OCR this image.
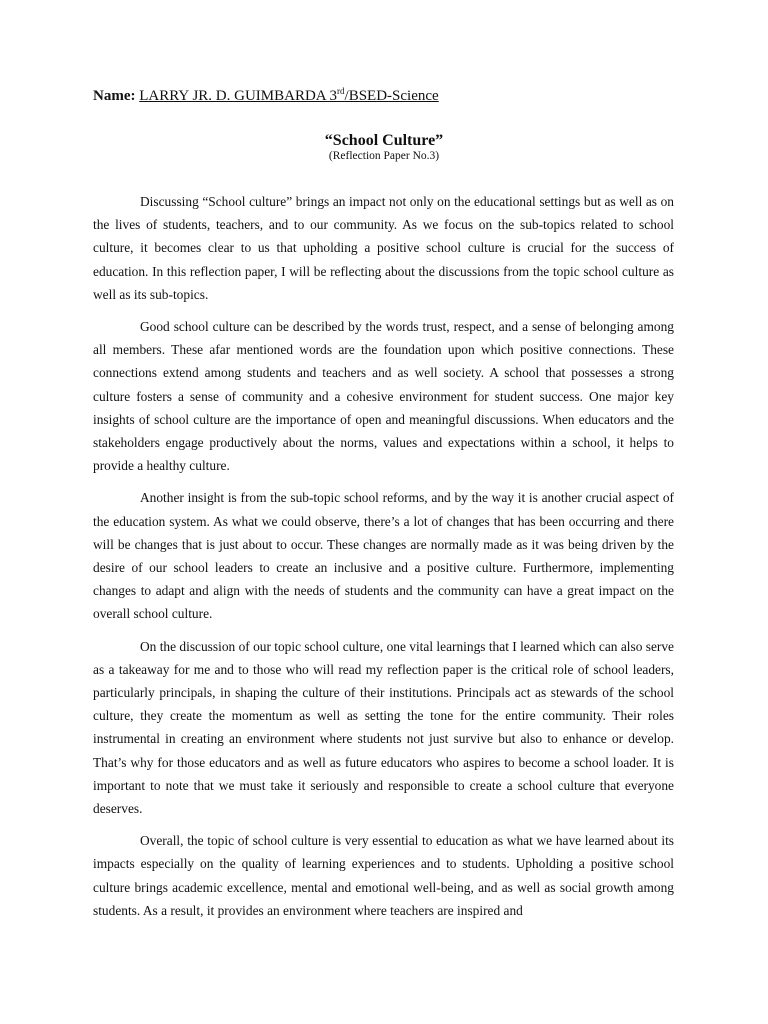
Name: LARRY JR. D. GUIMBARDA 3rd/BSED-Science
“School Culture”
(Reflection Paper No.3)

Discussing “School culture” brings an impact not only on the educational settings but as well as on the lives of students, teachers, and to our community. As we focus on the sub-topics related to school culture, it becomes clear to us that upholding a positive school culture is crucial for the success of education. In this reflection paper, I will be reflecting about the discussions from the topic school culture as well as its sub-topics.

Good school culture can be described by the words trust, respect, and a sense of belonging among all members. These afar mentioned words are the foundation upon which positive connections. These connections extend among students and teachers and as well society. A school that possesses a strong culture fosters a sense of community and a cohesive environment for student success. One major key insights of school culture are the importance of open and meaningful discussions. When educators and the stakeholders engage productively about the norms, values and expectations within a school, it helps to provide a healthy culture.

Another insight is from the sub-topic school reforms, and by the way it is another crucial aspect of the education system. As what we could observe, there’s a lot of changes that has been occurring and there will be changes that is just about to occur. These changes are normally made as it was being driven by the desire of our school leaders to create an inclusive and a positive culture. Furthermore, implementing changes to adapt and align with the needs of students and the community can have a great impact on the overall school culture.

On the discussion of our topic school culture, one vital learnings that I learned which can also serve as a takeaway for me and to those who will read my reflection paper is the critical role of school leaders, particularly principals, in shaping the culture of their institutions. Principals act as stewards of the school culture, they create the momentum as well as setting the tone for the entire community. Their roles instrumental in creating an environment where students not just survive but also to enhance or develop. That’s why for those educators and as well as future educators who aspires to become a school loader. It is important to note that we must take it seriously and responsible to create a school culture that everyone deserves.

Overall, the topic of school culture is very essential to education as what we have learned about its impacts especially on the quality of learning experiences and to students. Upholding a positive school culture brings academic excellence, mental and emotional well-being, and as well as social growth among students. As a result, it provides an environment where teachers are inspired and
